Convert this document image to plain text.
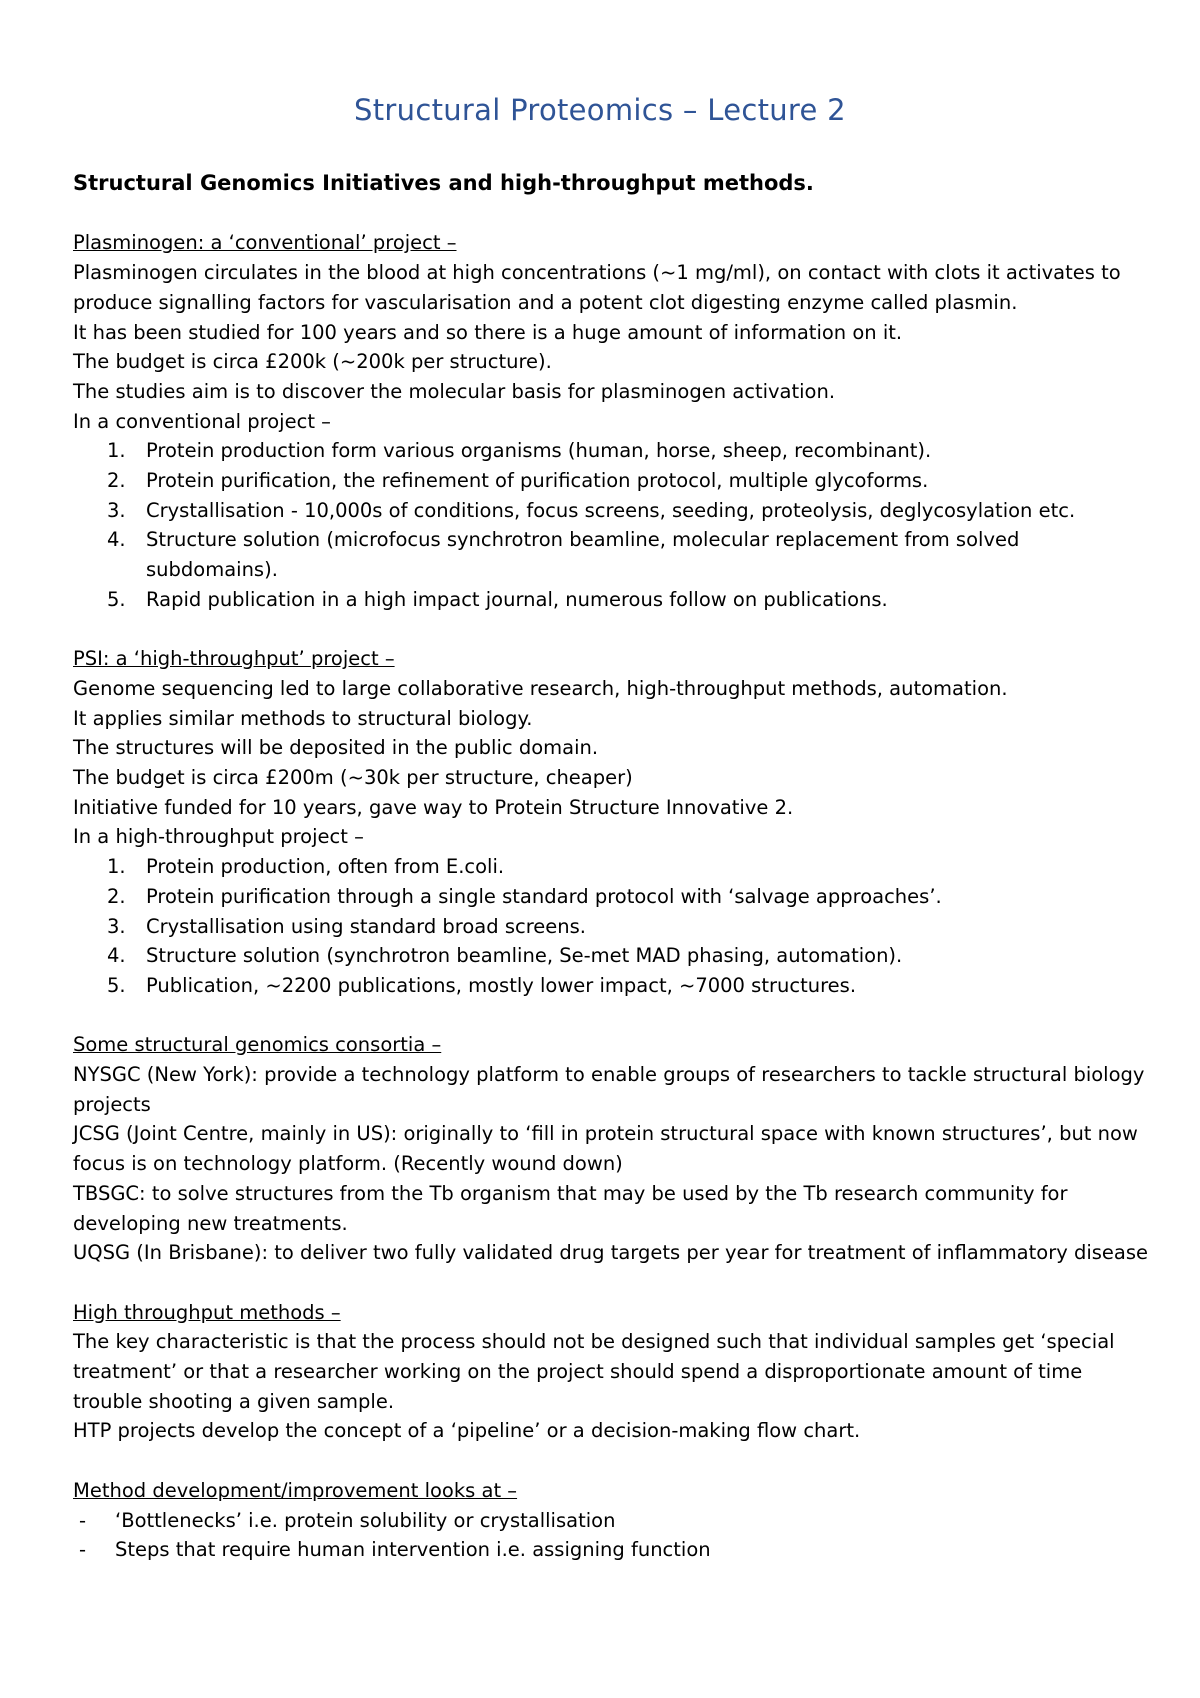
Structural Proteomics – Lecture 2
Structural Genomics Initiatives and high-throughput methods.

Plasminogen: a ‘conventional’ project –

Plasminogen circulates in the blood at high concentrations (~1 mg/ml), on contact with clots it activates to produce signalling factors for vascularisation and a potent clot digesting enzyme called plasmin.

It has been studied for 100 years and so there is a huge amount of information on it.

The budget is circa £200k (~200k per structure).

The studies aim is to discover the molecular basis for plasminogen activation.

In a conventional project –

1. Protein production form various organisms (human, horse, sheep, recombinant).
2. Protein purification, the refinement of purification protocol, multiple glycoforms.
3. Crystallisation - 10,000s of conditions, focus screens, seeding, proteolysis, deglycosylation etc.
4. Structure solution (microfocus synchrotron beamline, molecular replacement from solved subdomains).
5. Rapid publication in a high impact journal, numerous follow on publications.

PSI: a ‘high-throughput’ project –

Genome sequencing led to large collaborative research, high-throughput methods, automation.

It applies similar methods to structural biology.

The structures will be deposited in the public domain.

The budget is circa £200m (~30k per structure, cheaper)

Initiative funded for 10 years, gave way to Protein Structure Innovative 2.

In a high-throughput project –

1. Protein production, often from E.coli.
2. Protein purification through a single standard protocol with ‘salvage approaches’.
3. Crystallisation using standard broad screens.
4. Structure solution (synchrotron beamline, Se-met MAD phasing, automation).
5. Publication, ~2200 publications, mostly lower impact, ~7000 structures.

Some structural genomics consortia –

NYSGC (New York): provide a technology platform to enable groups of researchers to tackle structural biology projects

JCSG (Joint Centre, mainly in US): originally to ‘fill in protein structural space with known structures’, but now focus is on technology platform. (Recently wound down)

TBSGC: to solve structures from the Tb organism that may be used by the Tb research community for developing new treatments.

UQSG (In Brisbane): to deliver two fully validated drug targets per year for treatment of inflammatory disease

High throughput methods –

The key characteristic is that the process should not be designed such that individual samples get ‘special treatment’ or that a researcher working on the project should spend a disproportionate amount of time trouble shooting a given sample.

HTP projects develop the concept of a ‘pipeline’ or a decision-making flow chart.

Method development/improvement looks at –

- ‘Bottlenecks’ i.e. protein solubility or crystallisation
- Steps that require human intervention i.e. assigning function
